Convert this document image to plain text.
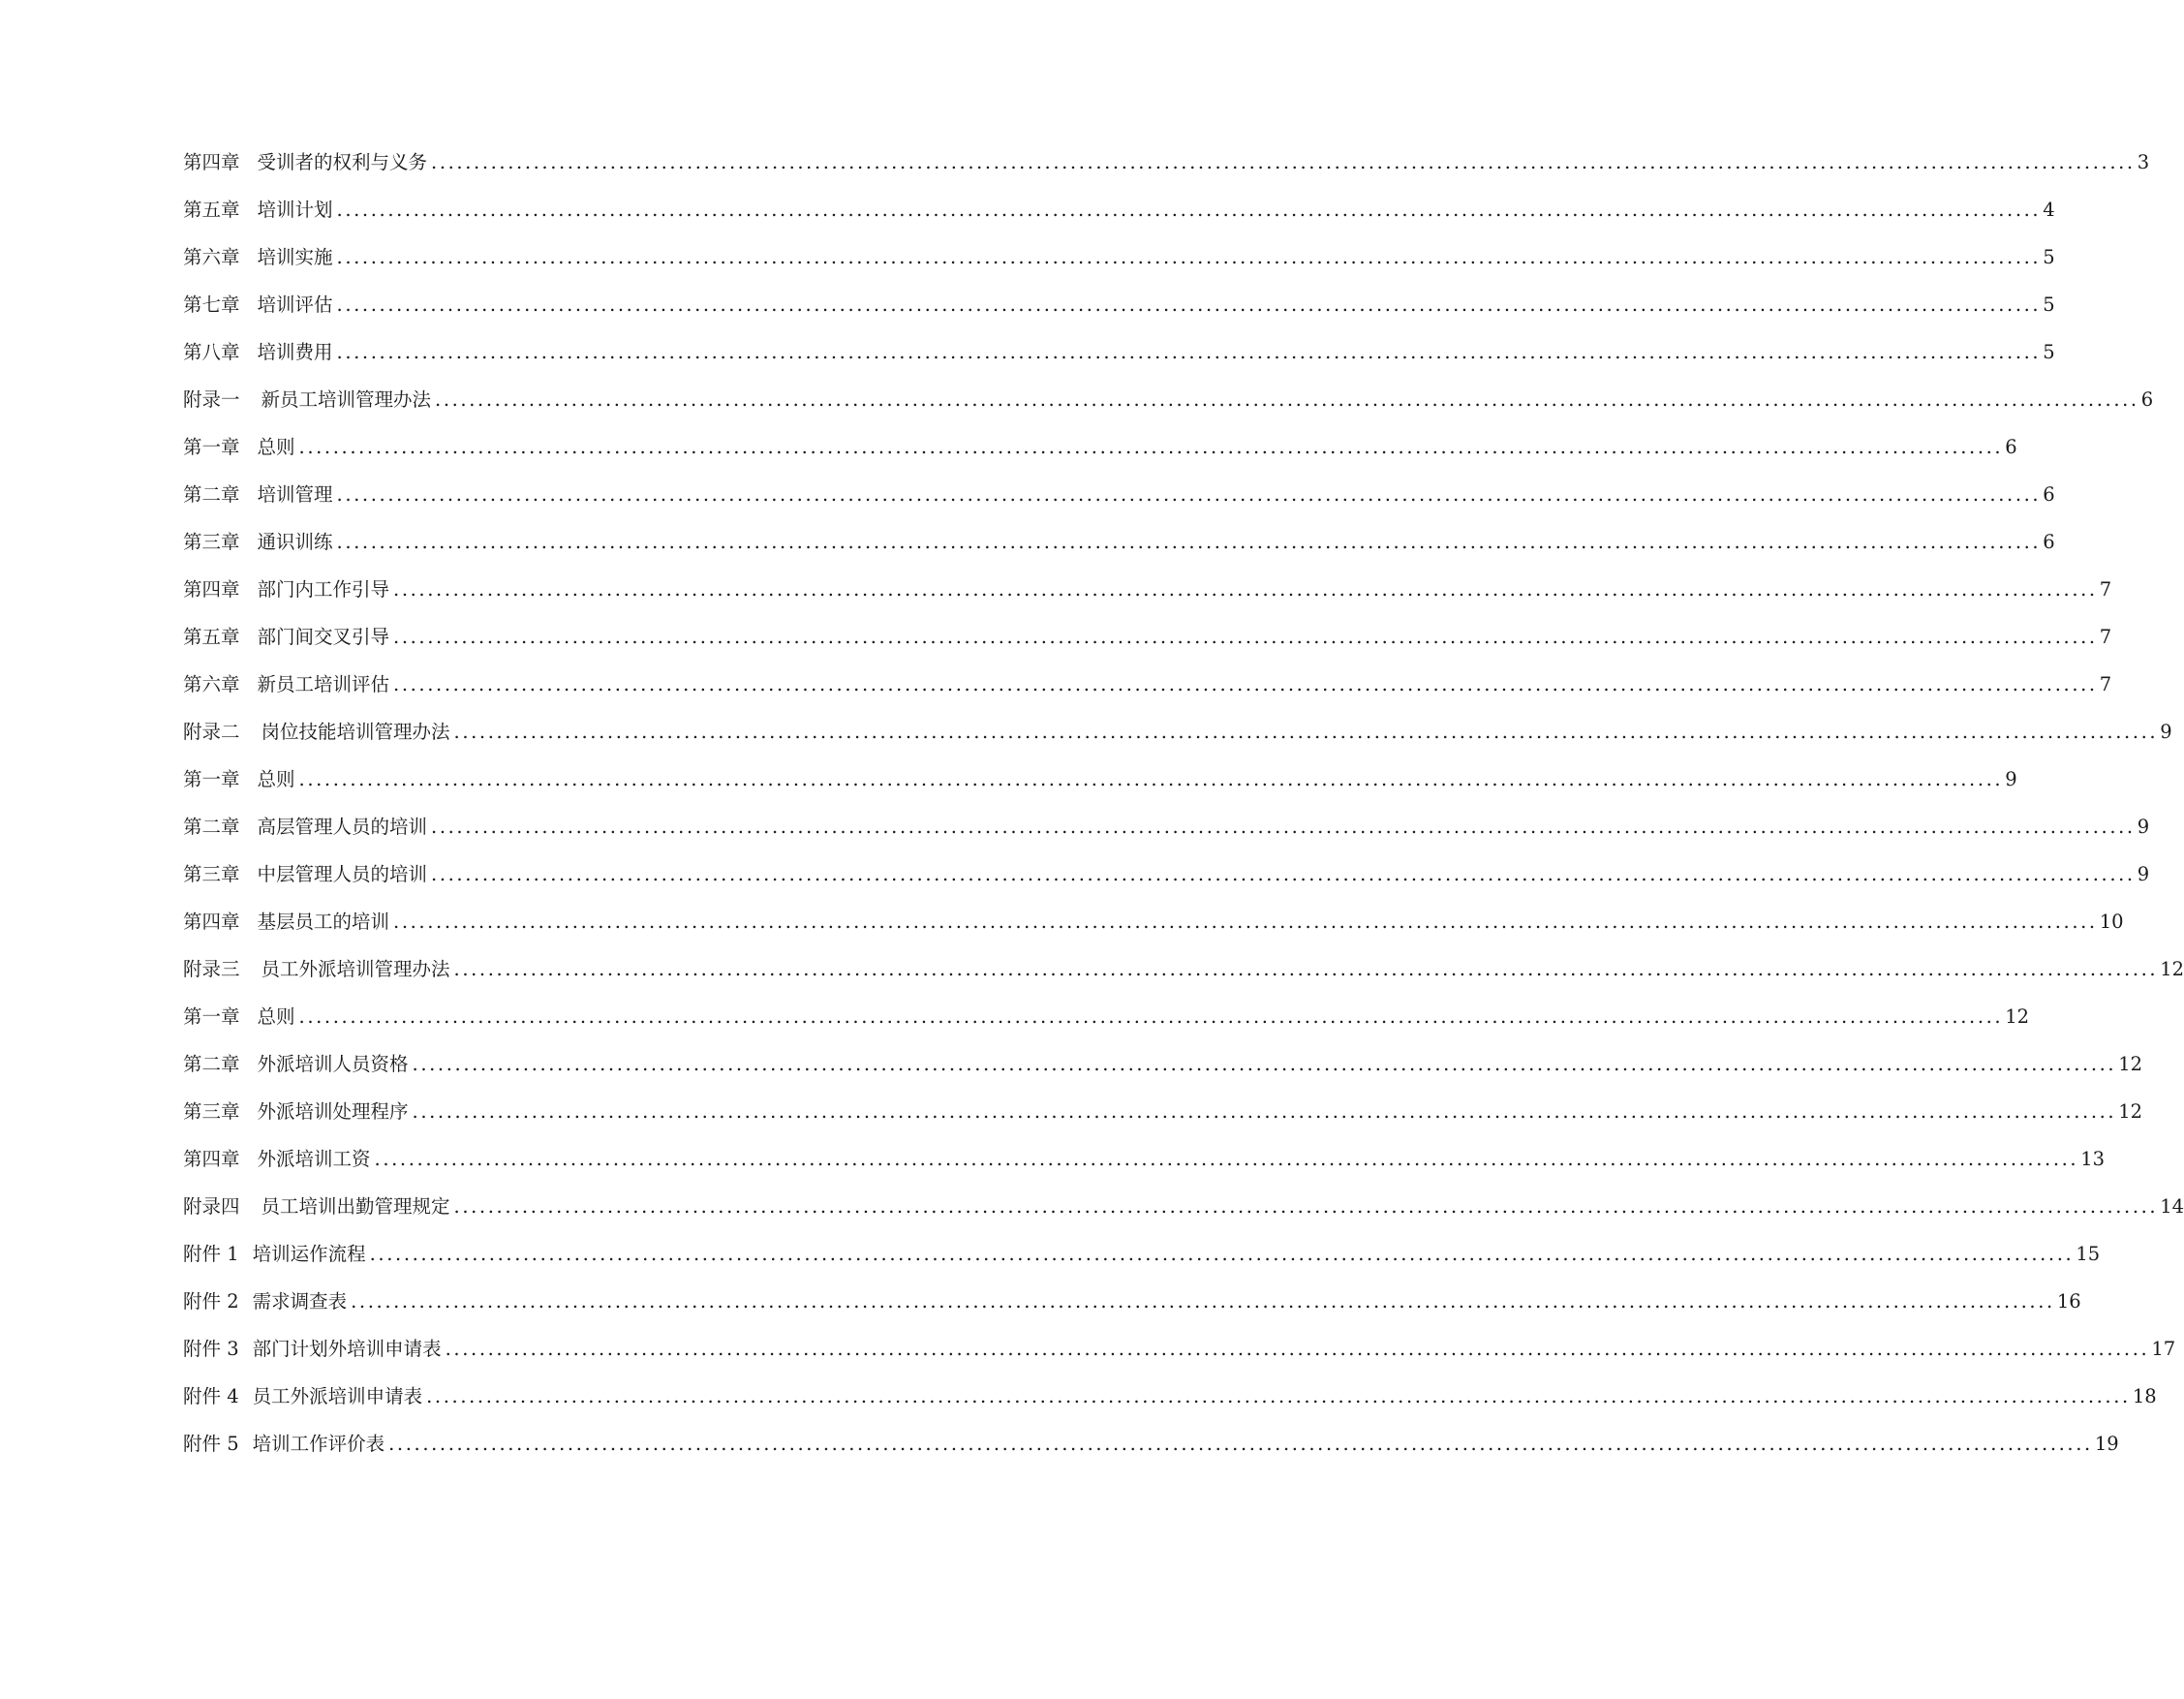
第四章 受训者的权利与义务 ........................................................................................................................................................................................................ 3
第五章 培训计划 ........................................................................................................................................................................................................ 4
第六章 培训实施 ........................................................................................................................................................................................................ 5
第七章 培训评估 ........................................................................................................................................................................................................ 5
第八章 培训费用 ........................................................................................................................................................................................................ 5
附录一 新员工培训管理办法 ........................................................................................................................................................................................................ 6
第一章 总则 ........................................................................................................................................................................................................ 6
第二章 培训管理 ........................................................................................................................................................................................................ 6
第三章 通识训练 ........................................................................................................................................................................................................ 6
第四章 部门内工作引导 ........................................................................................................................................................................................................ 7
第五章 部门间交叉引导 ........................................................................................................................................................................................................ 7
第六章 新员工培训评估 ........................................................................................................................................................................................................ 7
附录二 岗位技能培训管理办法 ........................................................................................................................................................................................................ 9
第一章 总则 ........................................................................................................................................................................................................ 9
第二章 高层管理人员的培训 ........................................................................................................................................................................................................ 9
第三章 中层管理人员的培训 ........................................................................................................................................................................................................ 9
第四章 基层员工的培训 ........................................................................................................................................................................................................ 10
附录三 员工外派培训管理办法 ........................................................................................................................................................................................................ 12
第一章 总则 ........................................................................................................................................................................................................ 12
第二章 外派培训人员资格 ........................................................................................................................................................................................................ 12
第三章 外派培训处理程序 ........................................................................................................................................................................................................ 12
第四章 外派培训工资 ........................................................................................................................................................................................................ 13
附录四 员工培训出勤管理规定 ........................................................................................................................................................................................................ 14
附件 1 培训运作流程 ........................................................................................................................................................................................................ 15
附件 2 需求调查表 ........................................................................................................................................................................................................ 16
附件 3 部门计划外培训申请表 ........................................................................................................................................................................................................ 17
附件 4 员工外派培训申请表 ........................................................................................................................................................................................................ 18
附件 5 培训工作评价表 ........................................................................................................................................................................................................ 19
